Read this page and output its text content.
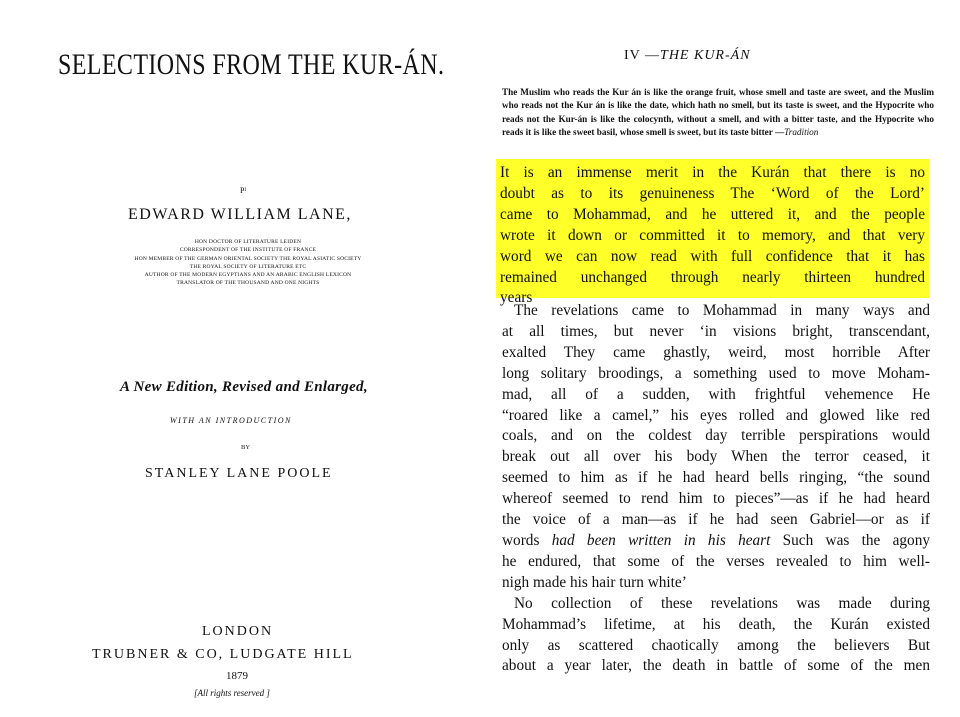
SELECTIONS FROM THE KUR-ÁN.
Pᴵ
EDWARD WILLIAM LANE,
HON DOCTOR OF LITERATURE LEIDEN
CORRESPONDENT OF THE INSTITUTE OF FRANCE
HON MEMBER OF THE GERMAN ORIENTAL SOCIETY THE ROYAL ASIATIC SOCIETY
THE ROYAL SOCIETY OF LITERATURE ETC
AUTHOR OF THE MODERN EGYPTIANS AND AN ARABIC ENGLISH LEXICON
TRANSLATOR OF THE THOUSAND AND ONE NIGHTS
A New Edition, Revised and Enlarged,
WITH AN INTRODUCTION
BY
STANLEY LANE POOLE
LONDON
TRUBNER & CO, LUDGATE HILL
1879
[All rights reserved ]
IV —THE KUR-ÁN
The Muslim who reads the Kur án is like the orange fruit, whose smell and taste are sweet, and the Muslim who reads not the Kur án is like the date, which hath no smell, but its taste is sweet, and the Hypocrite who reads not the Kur-án is like the colocynth, without a smell, and with a bitter taste, and the Hypocrite who reads it is like the sweet basil, whose smell is sweet, but its taste bitter —Tradition
It is an immense merit in the Kurán that there is no
doubt as to its genuineness The ‘Word of the Lord’
came to Mohammad, and he uttered it, and the people
wrote it down or committed it to memory, and that very
word we can now read with full confidence that it has
remained unchanged through nearly thirteen hundred
years
The revelations came to Mohammad in many ways and
at all times, but never ‘in visions bright, transcendant,
exalted They came ghastly, weird, most horrible After
long solitary broodings, a something used to move Moham-
mad, all of a sudden, with frightful vehemence He
“roared like a camel,” his eyes rolled and glowed like red
coals, and on the coldest day terrible perspirations would
break out all over his body When the terror ceased, it
seemed to him as if he had heard bells ringing, “the sound
whereof seemed to rend him to pieces”—as if he had heard
the voice of a man—as if he had seen Gabriel—or as if
words had been written in his heart Such was the agony
he endured, that some of the verses revealed to him well-
nigh made his hair turn white’
No collection of these revelations was made during
Mohammad’s lifetime, at his death, the Kurán existed
only as scattered chaotically among the believers But
about a year later, the death in battle of some of the men
